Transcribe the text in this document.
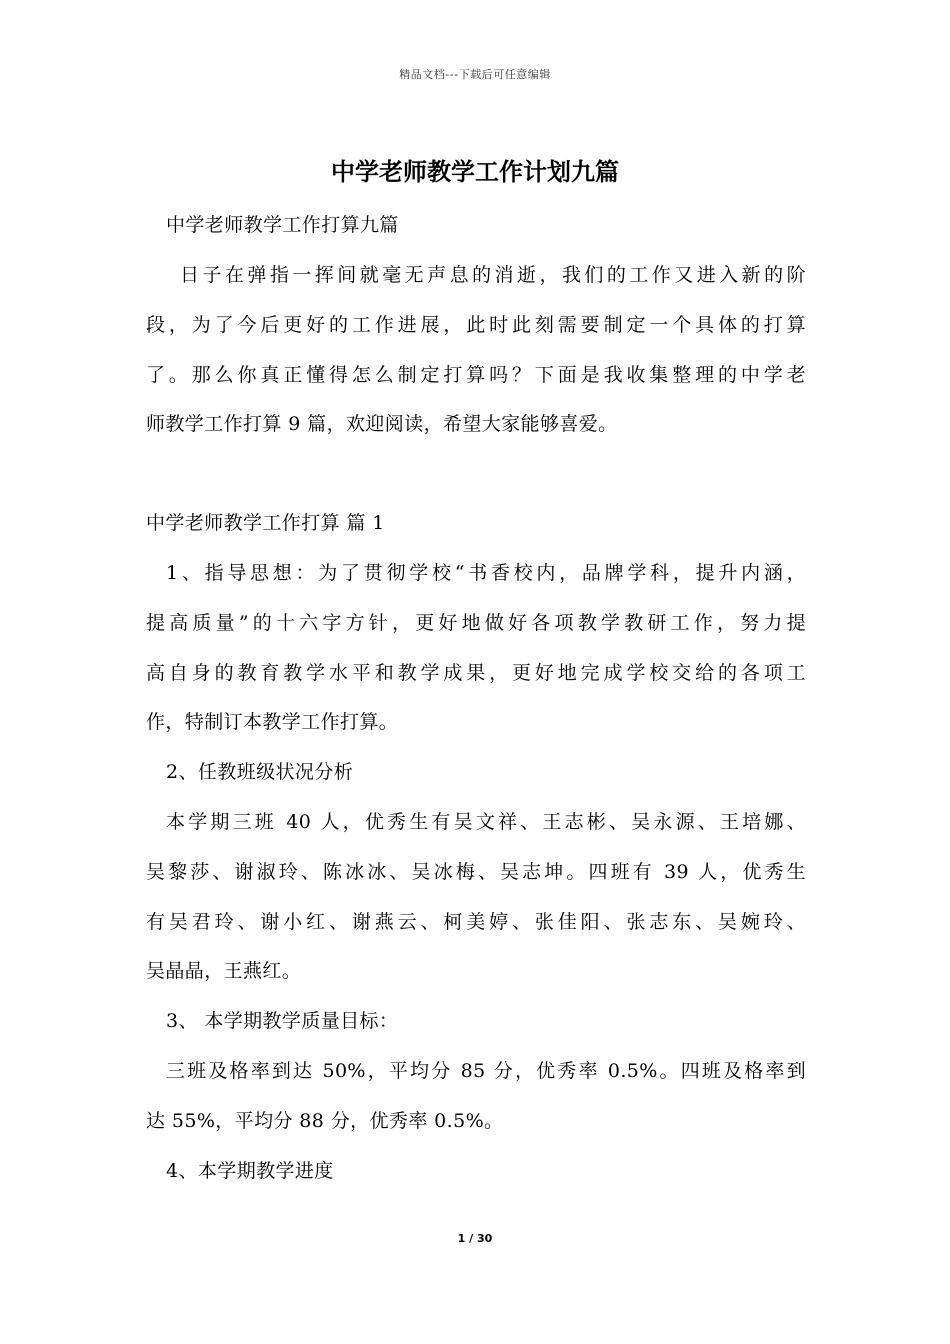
精品文档---下载后可任意编辑
中学老师教学工作计划九篇
中学老师教学工作打算九篇
日子在弹指一挥间就毫无声息的消逝，我们的工作又进入新的阶
段，为了今后更好的工作进展，此时此刻需要制定一个具体的打算
了。那么你真正懂得怎么制定打算吗？下面是我收集整理的中学老
师教学工作打算 9 篇，欢迎阅读，希望大家能够喜爱。
中学老师教学工作打算 篇 1
1、指导思想：为了贯彻学校“书香校内，品牌学科，提升内涵，
提高质量”的十六字方针，更好地做好各项教学教研工作，努力提
高自身的教育教学水平和教学成果，更好地完成学校交给的各项工
作，特制订本教学工作打算。
2、任教班级状况分析
本学期三班 40 人，优秀生有吴文祥、王志彬、吴永源、王培娜、
吴黎莎、谢淑玲、陈冰冰、吴冰梅、吴志坤。四班有 39 人，优秀生
有吴君玲、谢小红、谢燕云、柯美婷、张佳阳、张志东、吴婉玲、
吴晶晶，王燕红。
3、 本学期教学质量目标：
三班及格率到达 50%，平均分 85 分，优秀率 0.5%。四班及格率到
达 55%，平均分 88 分，优秀率 0.5%。
4、本学期教学进度
1 / 30
